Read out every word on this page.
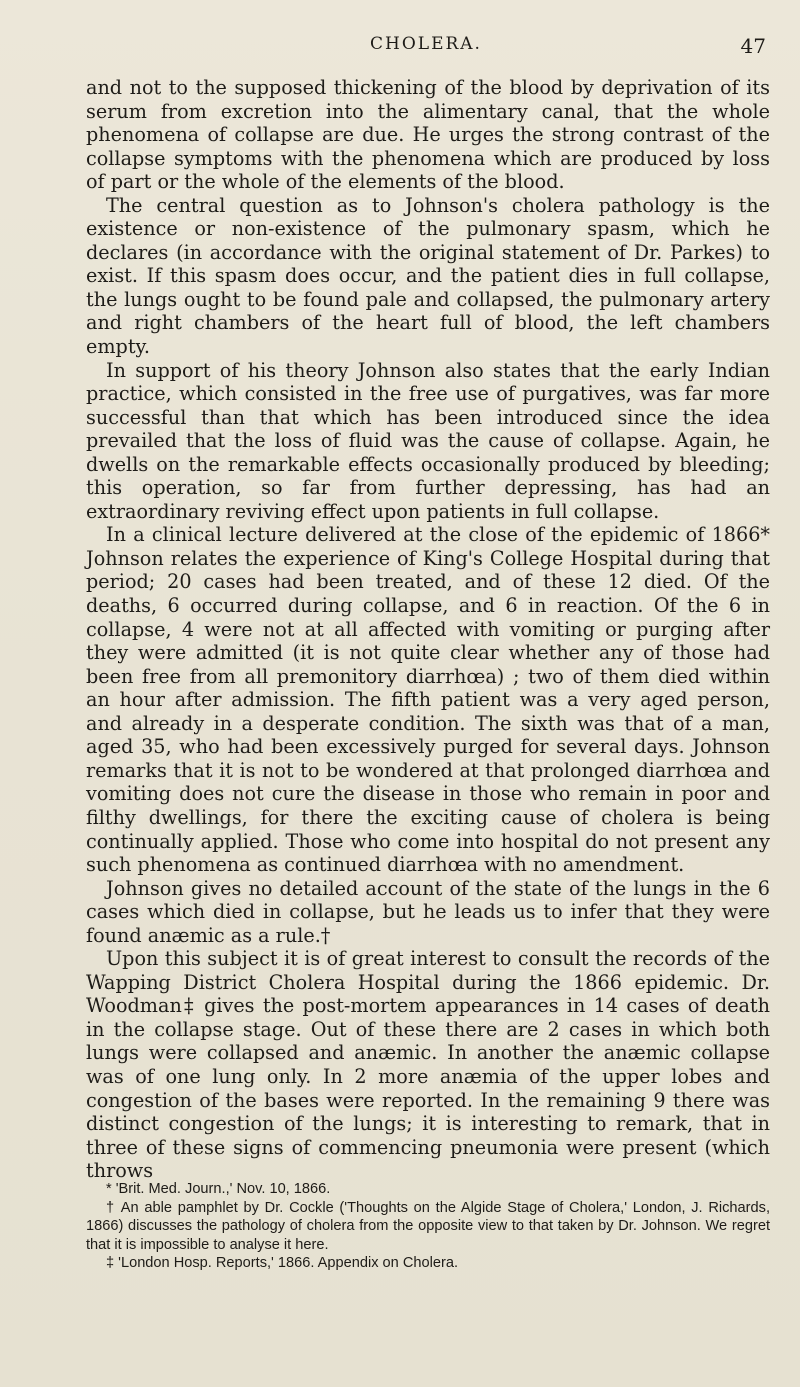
CHOLERA.	47

and not to the supposed thickening of the blood by deprivation of its serum from excretion into the alimentary canal, that the whole phenomena of collapse are due. He urges the strong contrast of the collapse symptoms with the phenomena which are produced by loss of part or the whole of the elements of the blood.

The central question as to Johnson's cholera pathology is the existence or non-existence of the pulmonary spasm, which he declares (in accordance with the original statement of Dr. Parkes) to exist. If this spasm does occur, and the patient dies in full collapse, the lungs ought to be found pale and collapsed, the pulmonary artery and right chambers of the heart full of blood, the left chambers empty.

In support of his theory Johnson also states that the early Indian practice, which consisted in the free use of purgatives, was far more successful than that which has been introduced since the idea prevailed that the loss of fluid was the cause of collapse. Again, he dwells on the remarkable effects occasionally produced by bleeding; this operation, so far from further depressing, has had an extraordinary reviving effect upon patients in full collapse.

In a clinical lecture delivered at the close of the epidemic of 1866* Johnson relates the experience of King's College Hospital during that period; 20 cases had been treated, and of these 12 died. Of the deaths, 6 occurred during collapse, and 6 in reaction. Of the 6 in collapse, 4 were not at all affected with vomiting or purging after they were admitted (it is not quite clear whether any of those had been free from all premonitory diarrhœa) ; two of them died within an hour after admission. The fifth patient was a very aged person, and already in a desperate condition. The sixth was that of a man, aged 35, who had been excessively purged for several days. Johnson remarks that it is not to be wondered at that prolonged diarrhœa and vomiting does not cure the disease in those who remain in poor and filthy dwellings, for there the exciting cause of cholera is being continually applied. Those who come into hospital do not present any such phenomena as continued diarrhœa with no amendment.

Johnson gives no detailed account of the state of the lungs in the 6 cases which died in collapse, but he leads us to infer that they were found anæmic as a rule.†

Upon this subject it is of great interest to consult the records of the Wapping District Cholera Hospital during the 1866 epidemic. Dr. Woodman‡ gives the post-mortem appearances in 14 cases of death in the collapse stage. Out of these there are 2 cases in which both lungs were collapsed and anæmic. In another the anæmic collapse was of one lung only. In 2 more anæmia of the upper lobes and congestion of the bases were reported. In the remaining 9 there was distinct congestion of the lungs; it is interesting to remark, that in three of these signs of commencing pneumonia were present (which throws

* 'Brit. Med. Journ.,' Nov. 10, 1866.

† An able pamphlet by Dr. Cockle ('Thoughts on the Algide Stage of Cholera,' London, J. Richards, 1866) discusses the pathology of cholera from the opposite view to that taken by Dr. Johnson. We regret that it is impossible to analyse it here.

‡ 'London Hosp. Reports,' 1866. Appendix on Cholera.
